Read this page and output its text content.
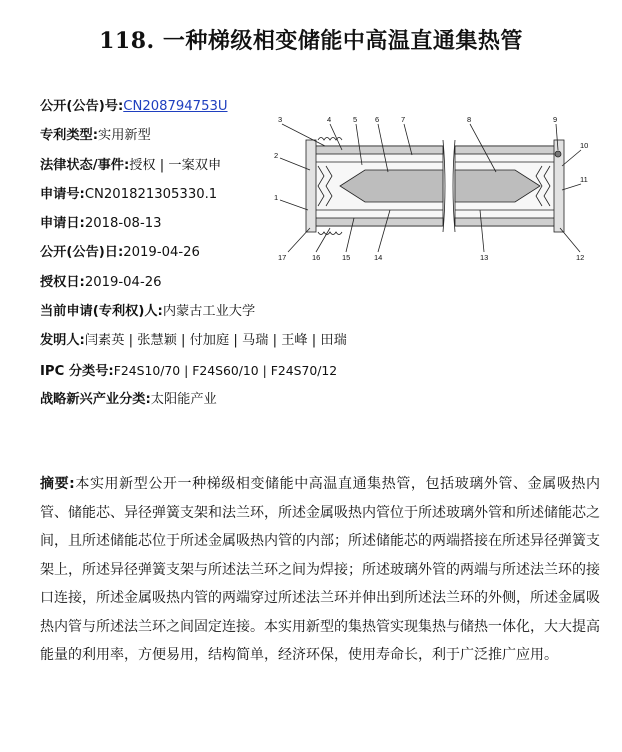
118. 一种梯级相变储能中高温直通集热管
公开(公告)号:CN208794753U
专利类型:实用新型
法律状态/事件:授权 | 一案双申
申请号:CN201821305330.1
申请日:2018-08-13
公开(公告)日:2019-04-26
授权日:2019-04-26
当前申请(专利权)人:内蒙古工业大学
发明人:闫素英 | 张慧颖 | 付加庭 | 马瑞 | 王峰 | 田瑞
IPC 分类号:F24S10/70 | F24S60/10 | F24S70/12
战略新兴产业分类:太阳能产业
3	4	5 6	7	8	9
10
2
11
1
17	16	15	14	13	12
摘要:本实用新型公开一种梯级相变储能中高温直通集热管，包括玻璃外管、金属吸热内管、储能芯、异径弹簧支架和法兰环，所述金属吸热内管位于所述玻璃外管和所述储能芯之间，且所述储能芯位于所述金属吸热内管的内部；所述储能芯的两端搭接在所述异径弹簧支架上，所述异径弹簧支架与所述法兰环之间为焊接；所述玻璃外管的两端与所述法兰环的接口连接，所述金属吸热内管的两端穿过所述法兰环并伸出到所述法兰环的外侧，所述金属吸热内管与所述法兰环之间固定连接。本实用新型的集热管实现集热与储热一体化，大大提高能量的利用率，方便易用，结构简单，经济环保，使用寿命长，利于广泛推广应用。
